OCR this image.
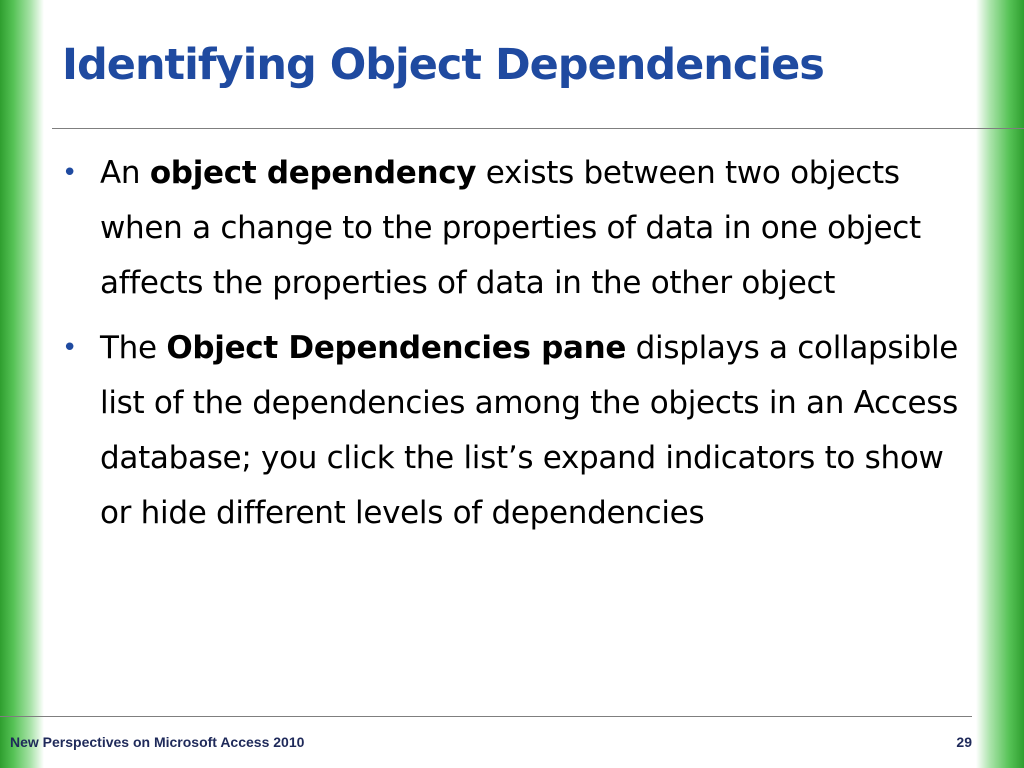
Identifying Object Dependencies
• An object dependency exists between two objects when a change to the properties of data in one object affects the properties of data in the other object
• The Object Dependencies pane displays a collapsible list of the dependencies among the objects in an Access database; you click the list’s expand indicators to show or hide different levels of dependencies
New Perspectives on Microsoft Access 2010	29
